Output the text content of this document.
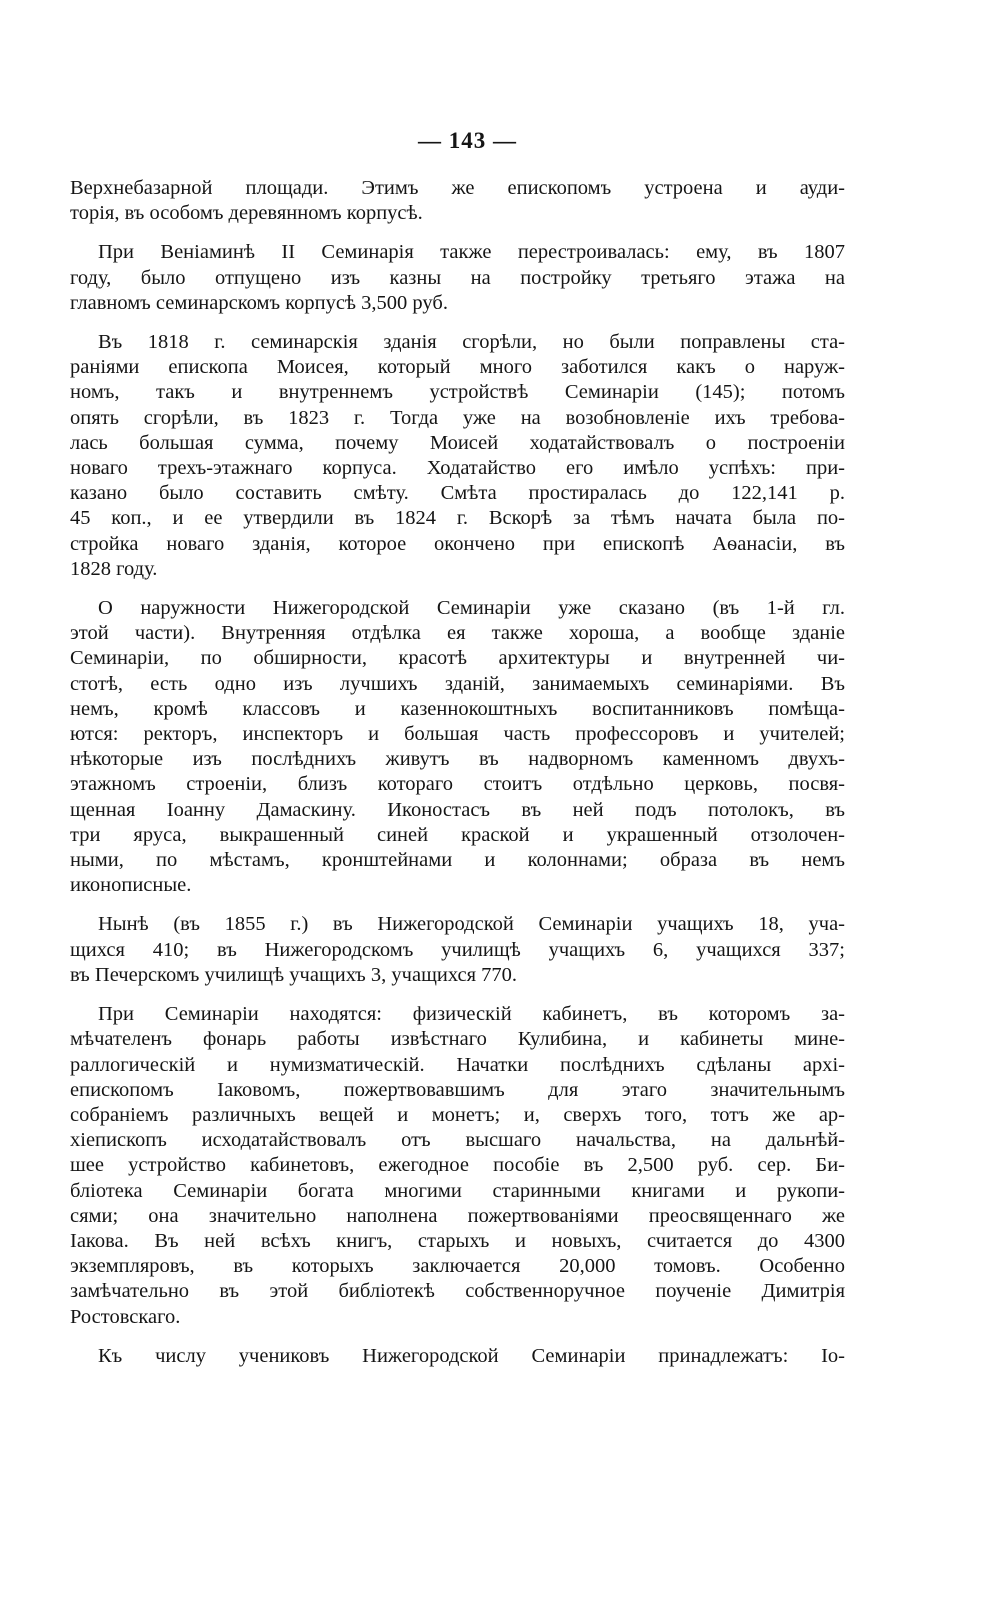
— 143 —

Верхнебазарной площади. Этимъ же епископомъ устроена и ауди-
торія, въ особомъ деревянномъ корпусѣ.

При Веніаминѣ II Семинарія также перестроивалась: ему, въ 1807
году, было отпущено изъ казны на постройку третьяго этажа на
главномъ семинарскомъ корпусѣ 3,500 руб.

Въ 1818 г. семинарскія зданія сгорѣли, но были поправлены ста-
раніями епископа Моисея, который много заботился какъ о наруж-
номъ, такъ и внутреннемъ устройствѣ Семинаріи (145); потомъ
опять сгорѣли, въ 1823 г. Тогда уже на возобновленіе ихъ требова-
лась большая сумма, почему Моисей ходатайствовалъ о построеніи
новаго трехъ-этажнаго корпуса. Ходатайство его имѣло успѣхъ: при-
казано было составить смѣту. Смѣта простиралась до 122,141 р.
45 коп., и ее утвердили въ 1824 г. Вскорѣ за тѣмъ начата была по-
стройка новаго зданія, которое окончено при епископѣ Аѳанасіи, въ
1828 году.

О наружности Нижегородской Семинаріи уже сказано (въ 1-й гл.
этой части). Внутренняя отдѣлка ея также хороша, а вообще зданіе
Семинаріи, по обширности, красотѣ архитектуры и внутренней чи-
стотѣ, есть одно изъ лучшихъ зданій, занимаемыхъ семинаріями. Въ
немъ, кромѣ классовъ и казеннокоштныхъ воспитанниковъ помѣща-
ются: ректоръ, инспекторъ и большая часть профессоровъ и учителей;
нѣкоторые изъ послѣднихъ живутъ въ надворномъ каменномъ двухъ-
этажномъ строеніи, близъ котораго стоитъ отдѣльно церковь, посвя-
щенная Іоанну Дамаскину. Иконостасъ въ ней подъ потолокъ, въ
три яруса, выкрашенный синей краской и украшенный отзолочен-
ными, по мѣстамъ, кронштейнами и колоннами; образа въ немъ
иконописные.

Нынѣ (въ 1855 г.) въ Нижегородской Семинаріи учащихъ 18, уча-
щихся 410; въ Нижегородскомъ училищѣ учащихъ 6, учащихся 337;
въ Печерскомъ училищѣ учащихъ 3, учащихся 770.

При Семинаріи находятся: физическій кабинетъ, въ которомъ за-
мѣчателенъ фонарь работы извѣстнаго Кулибина, и кабинеты мине-
раллогическій и нумизматическій. Начатки послѣднихъ сдѣланы архі-
епископомъ Іаковомъ, пожертвовавшимъ для этаго значительнымъ
собраніемъ различныхъ вещей и монетъ; и, сверхъ того, тотъ же ар-
хіепископъ исходатайствовалъ отъ высшаго начальства, на дальнѣй-
шее устройство кабинетовъ, ежегодное пособіе въ 2,500 руб. сер. Би-
бліотека Семинаріи богата многими старинными книгами и рукопи-
сями; она значительно наполнена пожертвованіями преосвященнаго же
Іакова. Въ ней всѣхъ книгъ, старыхъ и новыхъ, считается до 4300
экземпляровъ, въ которыхъ заключается 20,000 томовъ. Особенно
замѣчательно въ этой библіотекѣ собственноручное поученіе Димитрія
Ростовскаго.

Къ числу учениковъ Нижегородской Семинаріи принадлежатъ: Іо-
